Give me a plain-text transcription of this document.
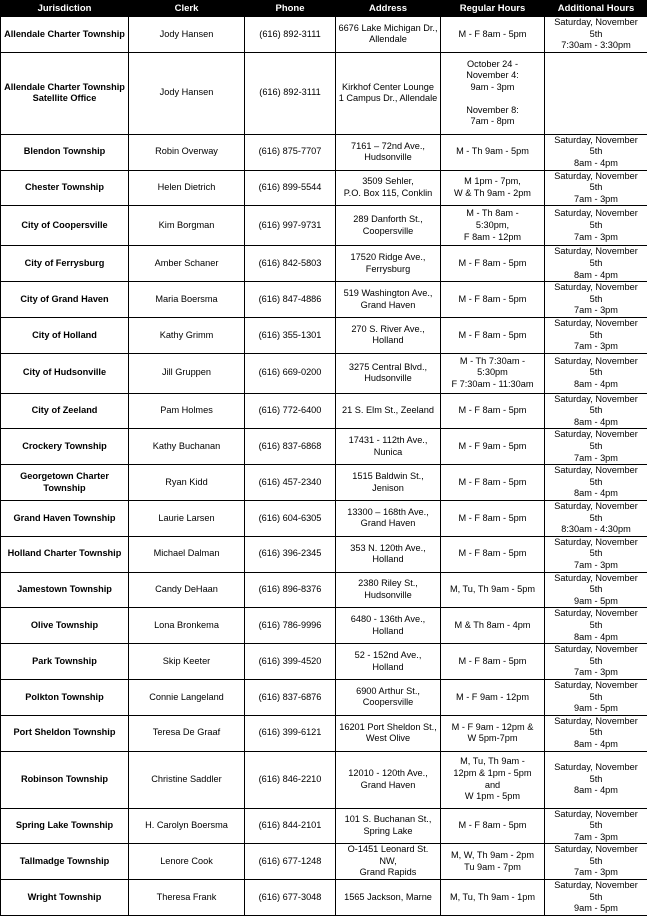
Jurisdiction	Clerk	Phone	Address	Regular Hours	Additional Hours
Allendale Charter Township	Jody Hansen	(616) 892-3111	6676 Lake Michigan Dr.,
Allendale	M - F 8am - 5pm	Saturday, November 5th
7:30am - 3:30pm
Allendale Charter Township Satellite Office	Jody Hansen	(616) 892-3111	Kirkhof Center Lounge
1 Campus Dr., Allendale	October 24 -
November 4:
9am - 3pm

November 8:
7am - 8pm	
Blendon Township	Robin Overway	(616) 875-7707	7161 – 72nd Ave.,
Hudsonville	M - Th 9am - 5pm	Saturday, November 5th
8am - 4pm
Chester Township	Helen Dietrich	(616) 899-5544	3509 Sehler,
P.O. Box 115, Conklin	M 1pm - 7pm,
W & Th 9am - 2pm	Saturday, November 5th
7am - 3pm
City of Coopersville	Kim Borgman	(616) 997-9731	289 Danforth St.,
Coopersville	M - Th 8am -
5:30pm,
F 8am - 12pm	Saturday, November 5th
7am - 3pm
City of Ferrysburg	Amber Schaner	(616) 842-5803	17520 Ridge Ave.,
Ferrysburg	M - F 8am - 5pm	Saturday, November 5th
8am - 4pm
City of Grand Haven	Maria Boersma	(616) 847-4886	519 Washington Ave.,
Grand Haven	M - F 8am - 5pm	Saturday, November 5th
7am - 3pm
City of Holland	Kathy Grimm	(616) 355-1301	270 S. River Ave., Holland	M - F 8am - 5pm	Saturday, November 5th
7am - 3pm
City of Hudsonville	Jill Gruppen	(616) 669-0200	3275 Central Blvd.,
Hudsonville	M - Th 7:30am -
5:30pm
F 7:30am - 11:30am	Saturday, November 5th
8am - 4pm
City of Zeeland	Pam Holmes	(616) 772-6400	21 S. Elm St., Zeeland	M - F 8am - 5pm	Saturday, November 5th
8am - 4pm
Crockery Township	Kathy Buchanan	(616) 837-6868	17431 - 112th Ave.,
Nunica	M - F 9am - 5pm	Saturday, November 5th
7am - 3pm
Georgetown Charter Township	Ryan Kidd	(616) 457-2340	1515 Baldwin St., Jenison	M - F 8am - 5pm	Saturday, November 5th
8am - 4pm
Grand Haven Township	Laurie Larsen	(616) 604-6305	13300 – 168th Ave.,
Grand Haven	M - F 8am - 5pm	Saturday, November 5th
8:30am - 4:30pm
Holland Charter Township	Michael Dalman	(616) 396-2345	353 N. 120th Ave.,
Holland	M - F 8am - 5pm	Saturday, November 5th
7am - 3pm
Jamestown Township	Candy DeHaan	(616) 896-8376	2380 Riley St.,
Hudsonville	M, Tu, Th 9am - 5pm	Saturday, November 5th
9am - 5pm
Olive Township	Lona Bronkema	(616) 786-9996	6480 - 136th Ave.,
Holland	M & Th 8am - 4pm	Saturday, November 5th
8am - 4pm
Park Township	Skip Keeter	(616) 399-4520	52 - 152nd Ave., Holland	M - F 8am - 5pm	Saturday, November 5th
7am - 3pm
Polkton Township	Connie Langeland	(616) 837-6876	6900 Arthur St.,
Coopersville	M - F 9am - 12pm	Saturday, November 5th
9am - 5pm
Port Sheldon Township	Teresa De Graaf	(616) 399-6121	16201 Port Sheldon St.,
West Olive	M - F 9am - 12pm &
W 5pm-7pm	Saturday, November 5th
8am - 4pm
Robinson Township	Christine Saddler	(616) 846-2210	12010 - 120th Ave.,
Grand Haven	M, Tu, Th 9am -
12pm & 1pm - 5pm
and
W 1pm - 5pm	Saturday, November 5th
8am - 4pm
Spring Lake Township	H. Carolyn Boersma	(616) 844-2101	101 S. Buchanan St.,
Spring Lake	M - F 8am - 5pm	Saturday, November 5th
7am - 3pm
Tallmadge Township	Lenore Cook	(616) 677-1248	O-1451 Leonard St. NW,
Grand Rapids	M, W, Th 9am - 2pm
Tu 9am - 7pm	Saturday, November 5th
7am - 3pm
Wright Township	Theresa Frank	(616) 677-3048	1565 Jackson, Marne	M, Tu, Th 9am - 1pm	Saturday, November 5th
9am - 5pm
